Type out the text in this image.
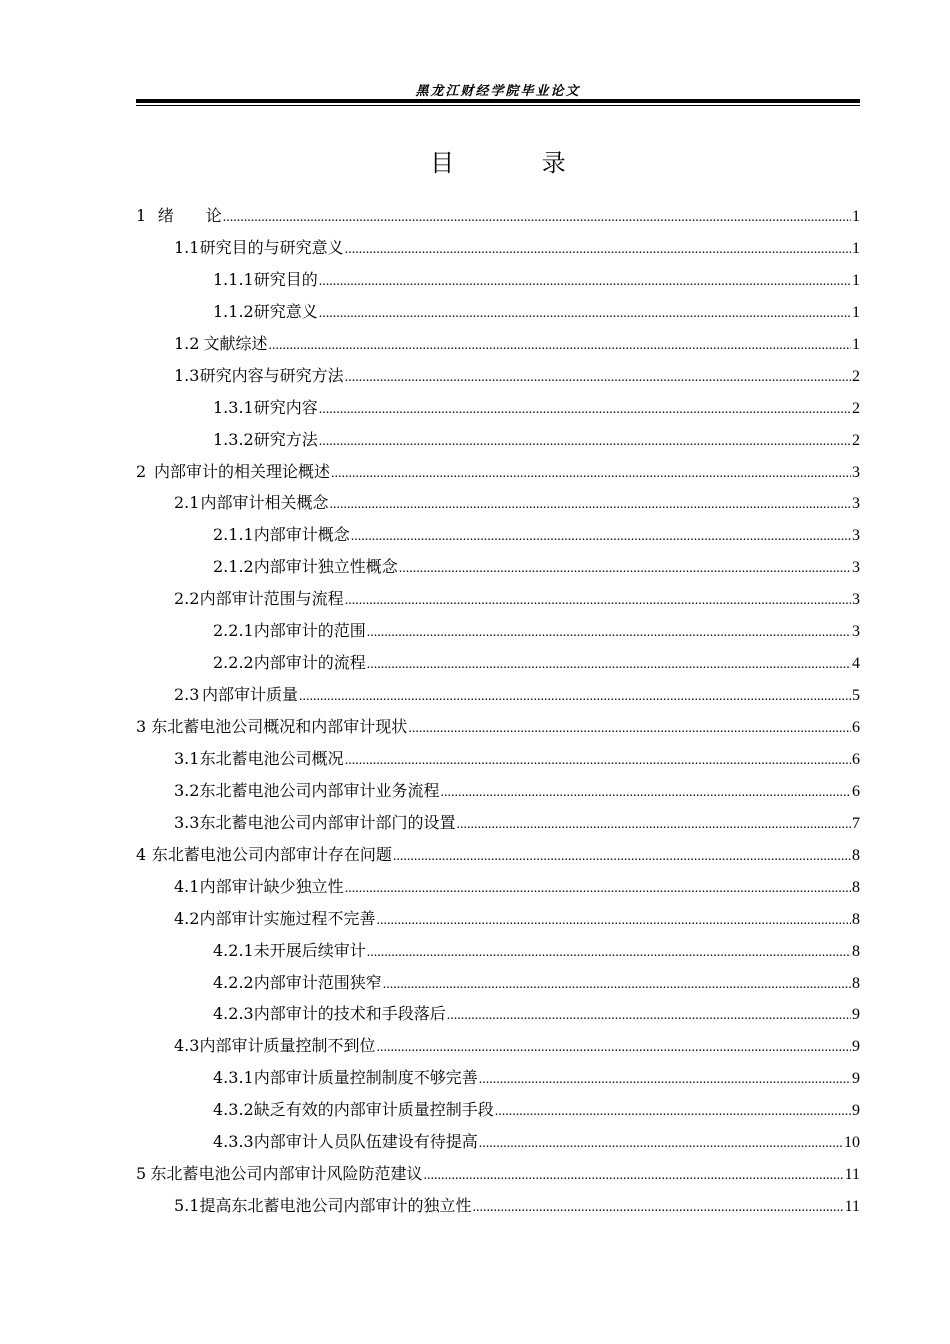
黑龙江财经学院毕业论文
目 录
1 绪　　论 .....	1
1.1 研究目的与研究意义 .....	1
1.1.1 研究目的 .....	1
1.1.2 研究意义 .....	1
1.2 文献综述 .....	1
1.3 研究内容与研究方法 .....	2
1.3.1 研究内容 .....	2
1.3.2 研究方法 .....	2
2 内部审计的相关理论概述 .....	3
2.1 内部审计相关概念 .....	3
2.1.1 内部审计概念 .....	3
2.1.2 内部审计独立性概念 .....	3
2.2 内部审计范围与流程 .....	3
2.2.1 内部审计的范围 .....	3
2.2.2 内部审计的流程 .....	4
2.3 内部审计质量 .....	5
3 东北蓄电池公司概况和内部审计现状 .....	6
3.1 东北蓄电池公司概况 .....	6
3.2 东北蓄电池公司内部审计业务流程 .....	6
3.3 东北蓄电池公司内部审计部门的设置 .....	7
4 东北蓄电池公司内部审计存在问题 .....	8
4.1 内部审计缺少独立性 .....	8
4.2 内部审计实施过程不完善 .....	8
4.2.1 未开展后续审计 .....	8
4.2.2 内部审计范围狭窄 .....	8
4.2.3 内部审计的技术和手段落后 .....	9
4.3 内部审计质量控制不到位 .....	9
4.3.1 内部审计质量控制制度不够完善 .....	9
4.3.2 缺乏有效的内部审计质量控制手段 .....	9
4.3.3 内部审计人员队伍建设有待提高 .....	10
5 东北蓄电池公司内部审计风险防范建议 .....	11
5.1 提高东北蓄电池公司内部审计的独立性 .....	11
